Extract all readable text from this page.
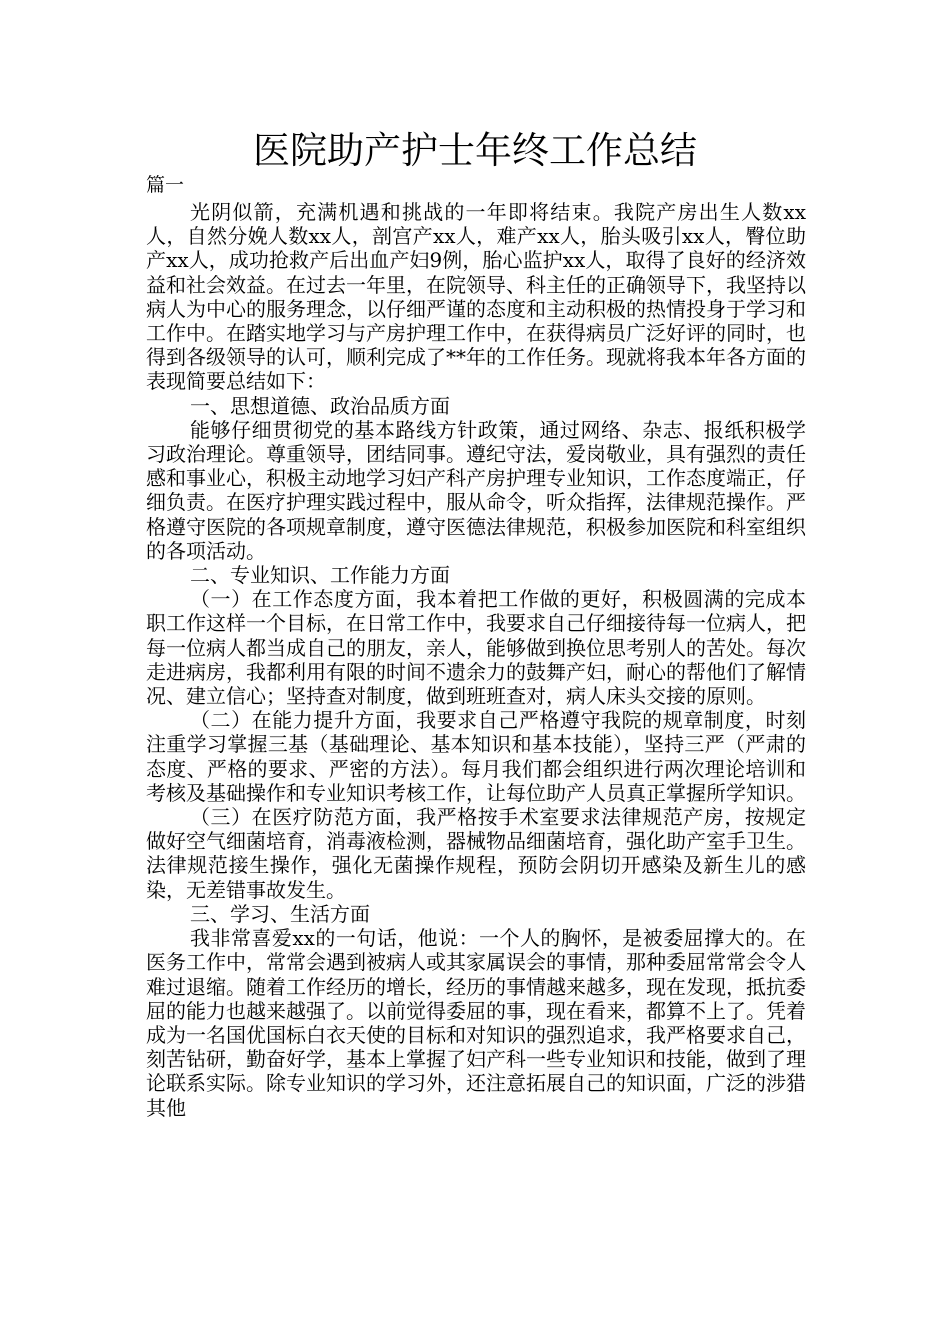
医院助产护士年终工作总结
篇一

光阴似箭，充满机遇和挑战的一年即将结束。我院产房出生人数xx人，自然分娩人数xx人，剖宫产xx人，难产xx人，胎头吸引xx人，臀位助产xx人，成功抢救产后出血产妇9例，胎心监护xx人，取得了良好的经济效益和社会效益。在过去一年里，在院领导、科主任的正确领导下，我坚持以病人为中心的服务理念，以仔细严谨的态度和主动积极的热情投身于学习和工作中。在踏实地学习与产房护理工作中，在获得病员广泛好评的同时，也得到各级领导的认可，顺利完成了**年的工作任务。现就将我本年各方面的表现简要总结如下：

一、思想道德、政治品质方面

能够仔细贯彻党的基本路线方针政策，通过网络、杂志、报纸积极学习政治理论。尊重领导，团结同事。遵纪守法，爱岗敬业，具有强烈的责任感和事业心，积极主动地学习妇产科产房护理专业知识，工作态度端正，仔细负责。在医疗护理实践过程中，服从命令，听众指挥，法律规范操作。严格遵守医院的各项规章制度，遵守医德法律规范，积极参加医院和科室组织的各项活动。

二、专业知识、工作能力方面

（一）在工作态度方面，我本着把工作做的更好，积极圆满的完成本职工作这样一个目标，在日常工作中，我要求自己仔细接待每一位病人，把每一位病人都当成自己的朋友，亲人，能够做到换位思考别人的苦处。每次走进病房，我都利用有限的时间不遗余力的鼓舞产妇，耐心的帮他们了解情况、建立信心；坚持查对制度，做到班班查对，病人床头交接的原则。

（二）在能力提升方面，我要求自己严格遵守我院的规章制度，时刻注重学习掌握三基（基础理论、基本知识和基本技能），坚持三严（严肃的态度、严格的要求、严密的方法）。每月我们都会组织进行两次理论培训和考核及基础操作和专业知识考核工作，让每位助产人员真正掌握所学知识。

（三）在医疗防范方面，我严格按手术室要求法律规范产房，按规定做好空气细菌培育，消毒液检测，器械物品细菌培育，强化助产室手卫生。法律规范接生操作，强化无菌操作规程，预防会阴切开感染及新生儿的感染，无差错事故发生。

三、学习、生活方面

我非常喜爱xx的一句话，他说：一个人的胸怀，是被委屈撑大的。在医务工作中，常常会遇到被病人或其家属误会的事情，那种委屈常常会令人难过退缩。随着工作经历的增长，经历的事情越来越多，现在发现，抵抗委屈的能力也越来越强了。以前觉得委屈的事，现在看来，都算不上了。凭着成为一名国优国标白衣天使的目标和对知识的强烈追求，我严格要求自己，刻苦钻研，勤奋好学，基本上掌握了妇产科一些专业知识和技能，做到了理论联系实际。除专业知识的学习外，还注意拓展自己的知识面，广泛的涉猎其他
